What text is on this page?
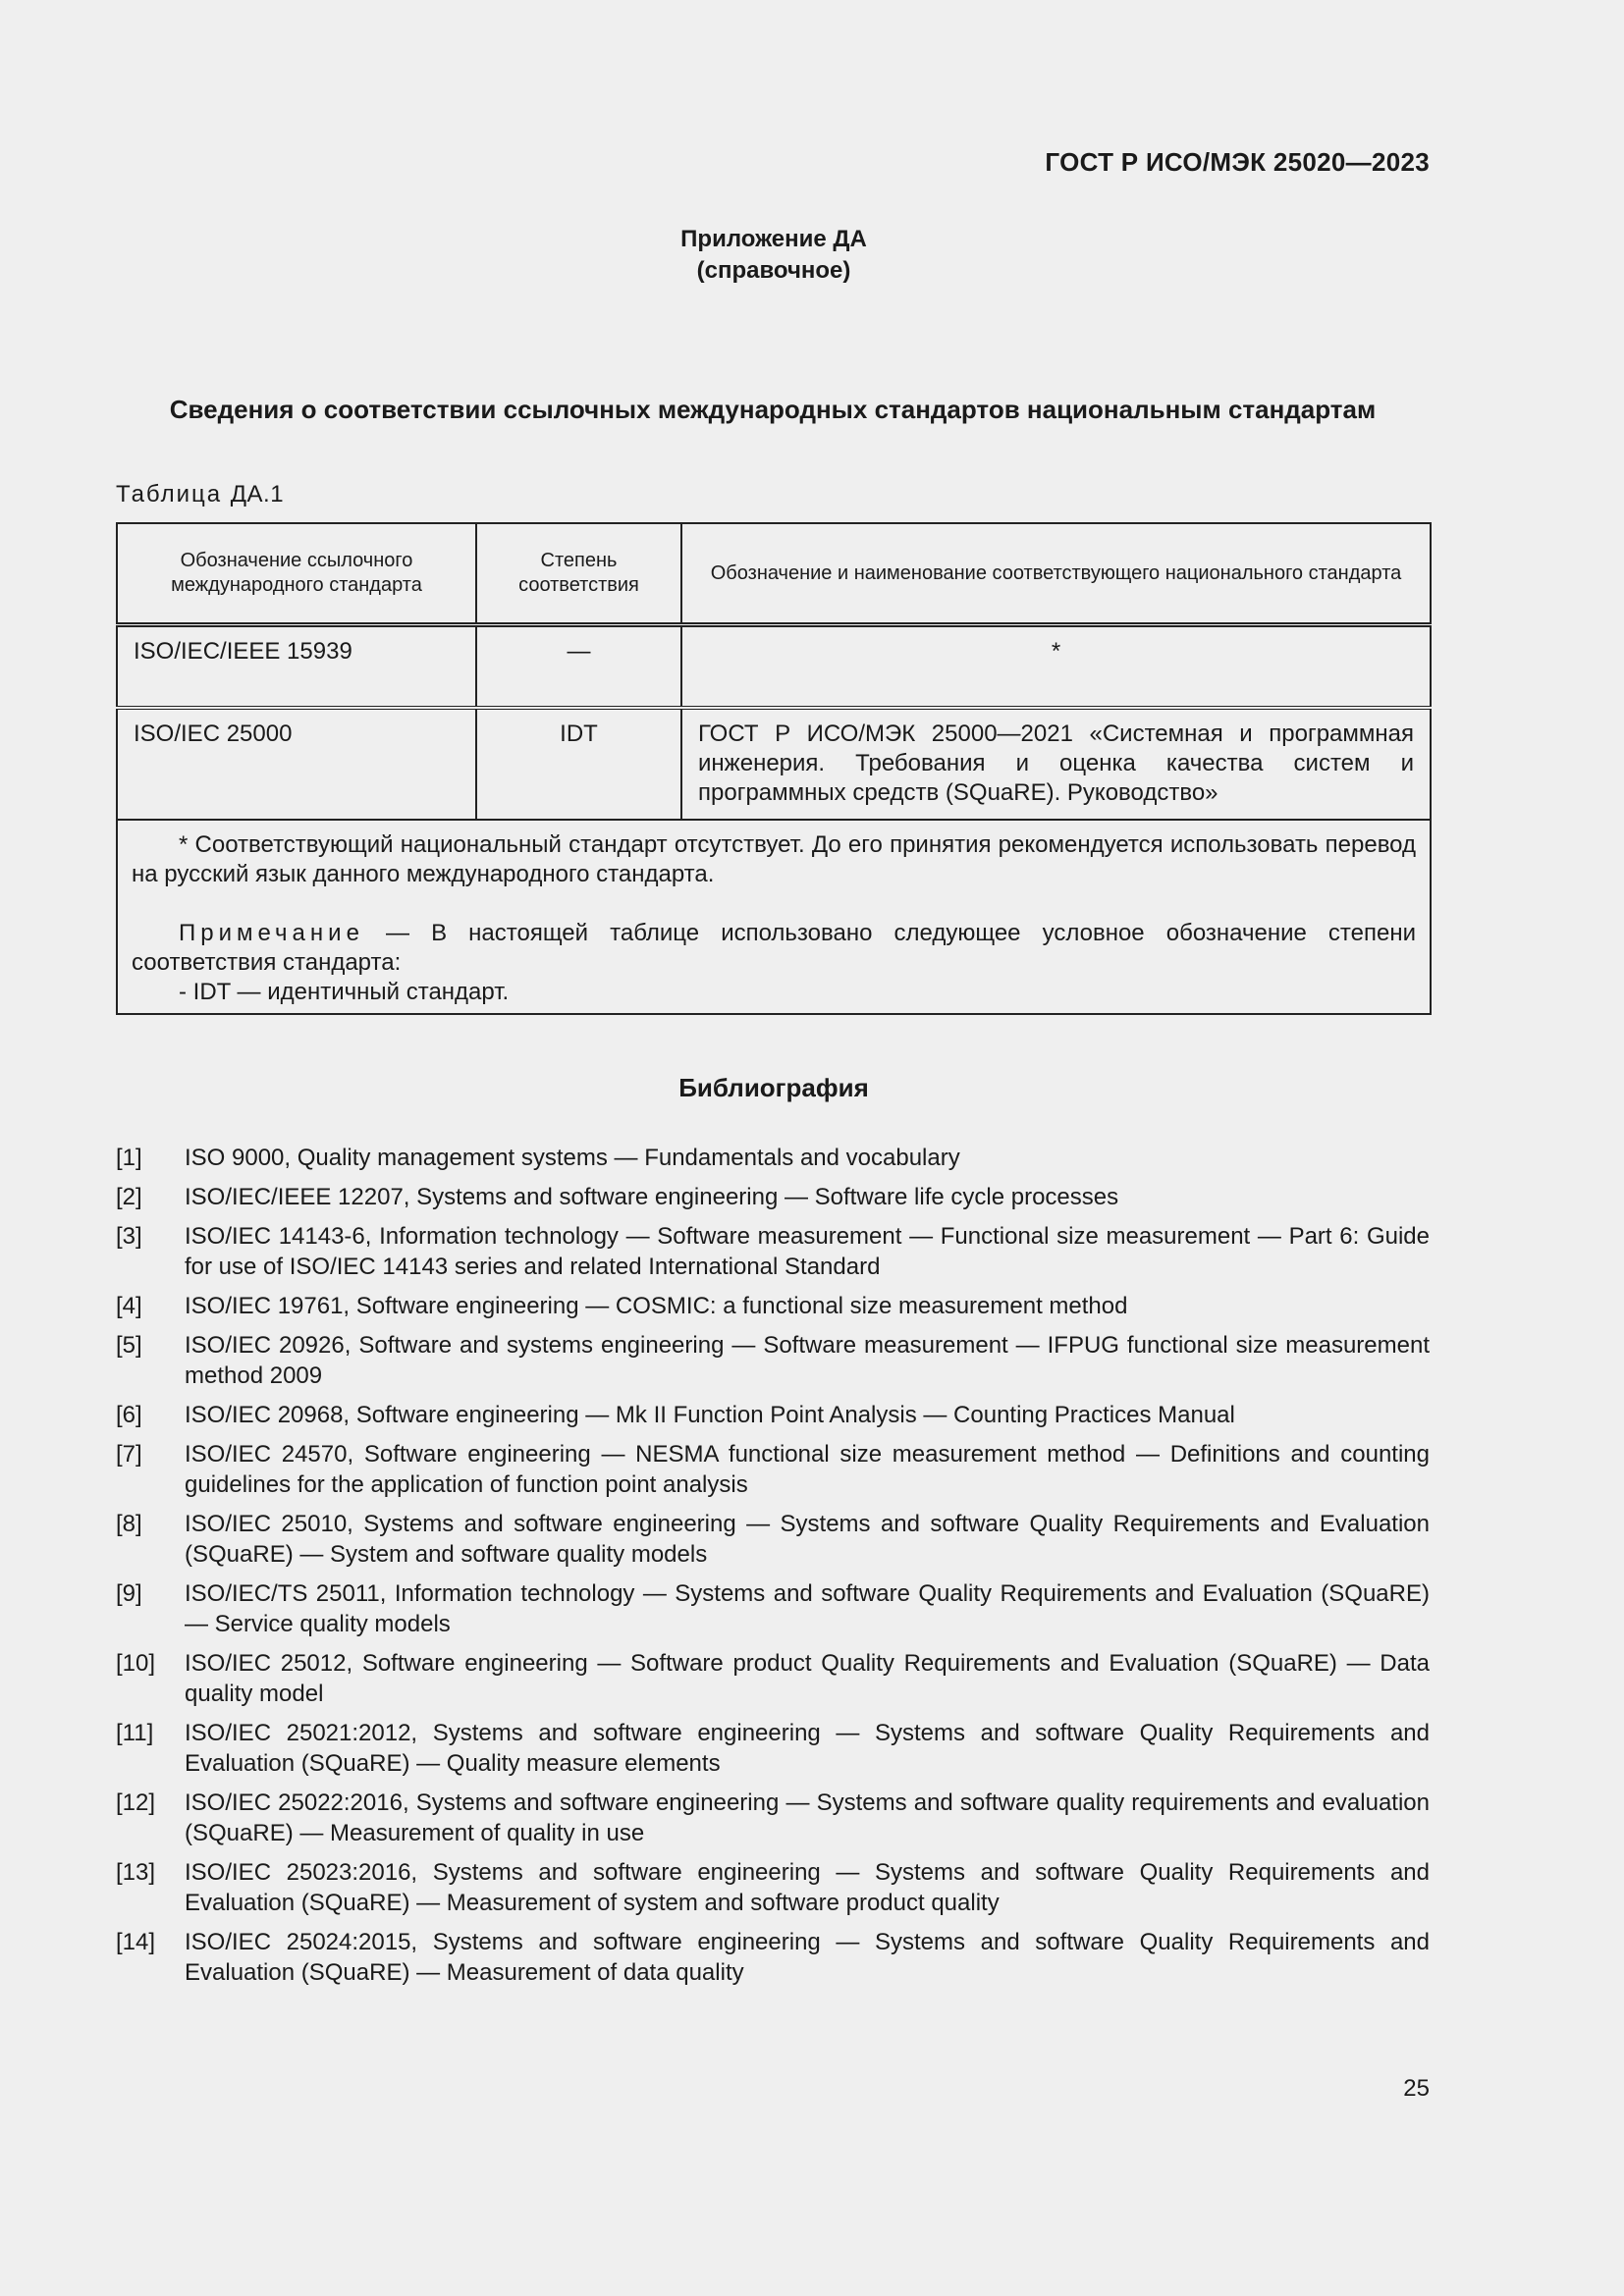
ГОСТ Р ИСО/МЭК 25020—2023
Приложение ДА
(справочное)
Сведения о соответствии ссылочных международных стандартов национальным стандартам
Таблица ДА.1
Обозначение ссылочного международного стандарта	Степень соответствия	Обозначение и наименование соответствующего национального стандарта
ISO/IEC/IEEE 15939	—	*
ISO/IEC 25000	IDT	ГОСТ Р ИСО/МЭК 25000—2021 «Системная и программная инженерия. Требования и оценка качества систем и программных средств (SQuaRE). Руководство»

* Соответствующий национальный стандарт отсутствует. До его принятия рекомендуется использовать перевод на русский язык данного международного стандарта.

Примечание — В настоящей таблице использовано следующее условное обозначение степени соответствия стандарта:

- IDT — идентичный стандарт.		

Библиография
[1]	ISO 9000, Quality management systems — Fundamentals and vocabulary
[2]	ISO/IEC/IEEE 12207, Systems and software engineering — Software life cycle processes
[3]	ISO/IEC 14143-6, Information technology — Software measurement — Functional size measurement — Part 6: Guide for use of ISO/IEC 14143 series and related International Standard
[4]	ISO/IEC 19761, Software engineering — COSMIC: a functional size measurement method
[5]	ISO/IEC 20926, Software and systems engineering — Software measurement — IFPUG functional size measurement method 2009
[6]	ISO/IEC 20968, Software engineering — Mk II Function Point Analysis — Counting Practices Manual
[7]	ISO/IEC 24570, Software engineering — NESMA functional size measurement method — Definitions and counting guidelines for the application of function point analysis
[8]	ISO/IEC 25010, Systems and software engineering — Systems and software Quality Requirements and Evaluation (SQuaRE) — System and software quality models
[9]	ISO/IEC/TS 25011, Information technology — Systems and software Quality Requirements and Evaluation (SQuaRE) — Service quality models
[10]	ISO/IEC 25012, Software engineering — Software product Quality Requirements and Evaluation (SQuaRE) — Data quality model
[11]	ISO/IEC 25021:2012, Systems and software engineering — Systems and software Quality Requirements and Evaluation (SQuaRE) — Quality measure elements
[12]	ISO/IEC 25022:2016, Systems and software engineering — Systems and software quality requirements and evaluation (SQuaRE) — Measurement of quality in use
[13]	ISO/IEC 25023:2016, Systems and software engineering — Systems and software Quality Requirements and Evaluation (SQuaRE) — Measurement of system and software product quality
[14]	ISO/IEC 25024:2015, Systems and software engineering — Systems and software Quality Requirements and Evaluation (SQuaRE) — Measurement of data quality
25
